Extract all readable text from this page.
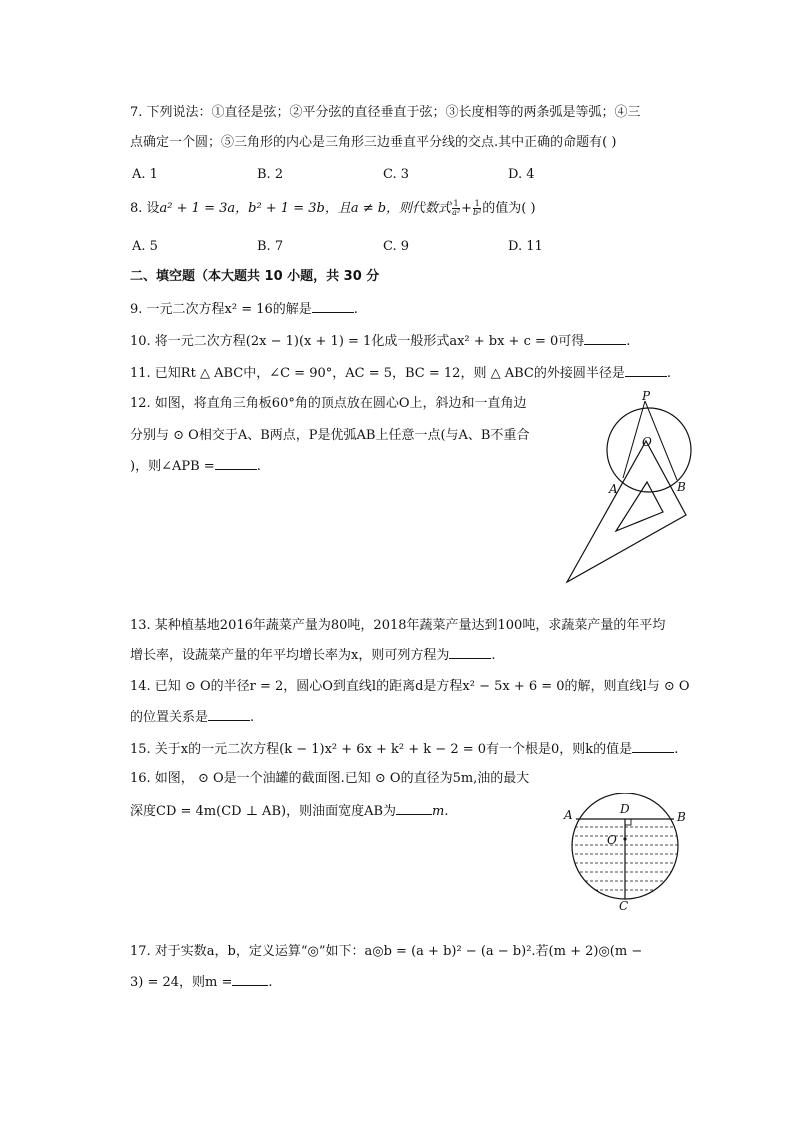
7. 下列说法：①直径是弦；②平分弦的直径垂直于弦；③长度相等的两条弧是等弧；④三
点确定一个圆；⑤三角形的内心是三角形三边垂直平分线的交点.其中正确的命题有( )
A. 1	B. 2	C. 3	D. 4
8. 设a² + 1 = 3a，b² + 1 = 3b，且a ≠ b，则代数式 $\frac{1}{\text{a²}} + \frac{1}{\text{b²}}$ 的值为( )
A. 5	B. 7	C. 9	D. 11
二、填空题（本大题共 10 小题，共 30 分
9. 一元二次方程x² = 16的解是	.
10. 将一元二次方程(2x − 1)(x + 1) = 1化成一般形式ax² + bx + c = 0可得	.
11. 已知Rt △ ABC中，∠C = 90°，AC = 5，BC = 12，则 △ ABC的外接圆半径是	.
12. 如图，将直角三角板60°角的顶点放在圆心O上，斜边和一直角边
分别与 ⊙ O相交于A、B两点，P是优弧AB上任意一点(与A、B不重合
)，则∠APB =	.
P
O
A	B
13. 某种植基地2016年蔬菜产量为80吨，2018年蔬菜产量达到100吨，求蔬菜产量的年平均
增长率，设蔬菜产量的年平均增长率为x，则可列方程为	.
14. 已知 ⊙ O的半径r = 2，圆心O到直线l的距离d是方程x² − 5x + 6 = 0的解，则直线l与 ⊙ O
的位置关系是	.
15. 关于x的一元二次方程(k − 1)x² + 6x + k² + k − 2 = 0有一个根是0，则k的值是	.
16. 如图， ⊙ O是一个油罐的截面图.已知 ⊙ O的直径为5m,油的最大
深度CD = 4m(CD ⊥ AB)，则油面宽度AB为	m.	A	B
D
O
C
17. 对于实数a，b，定义运算“◎”如下：a◎b = (a + b)² − (a − b)².若(m + 2)◎(m −
3) = 24，则m =	.
